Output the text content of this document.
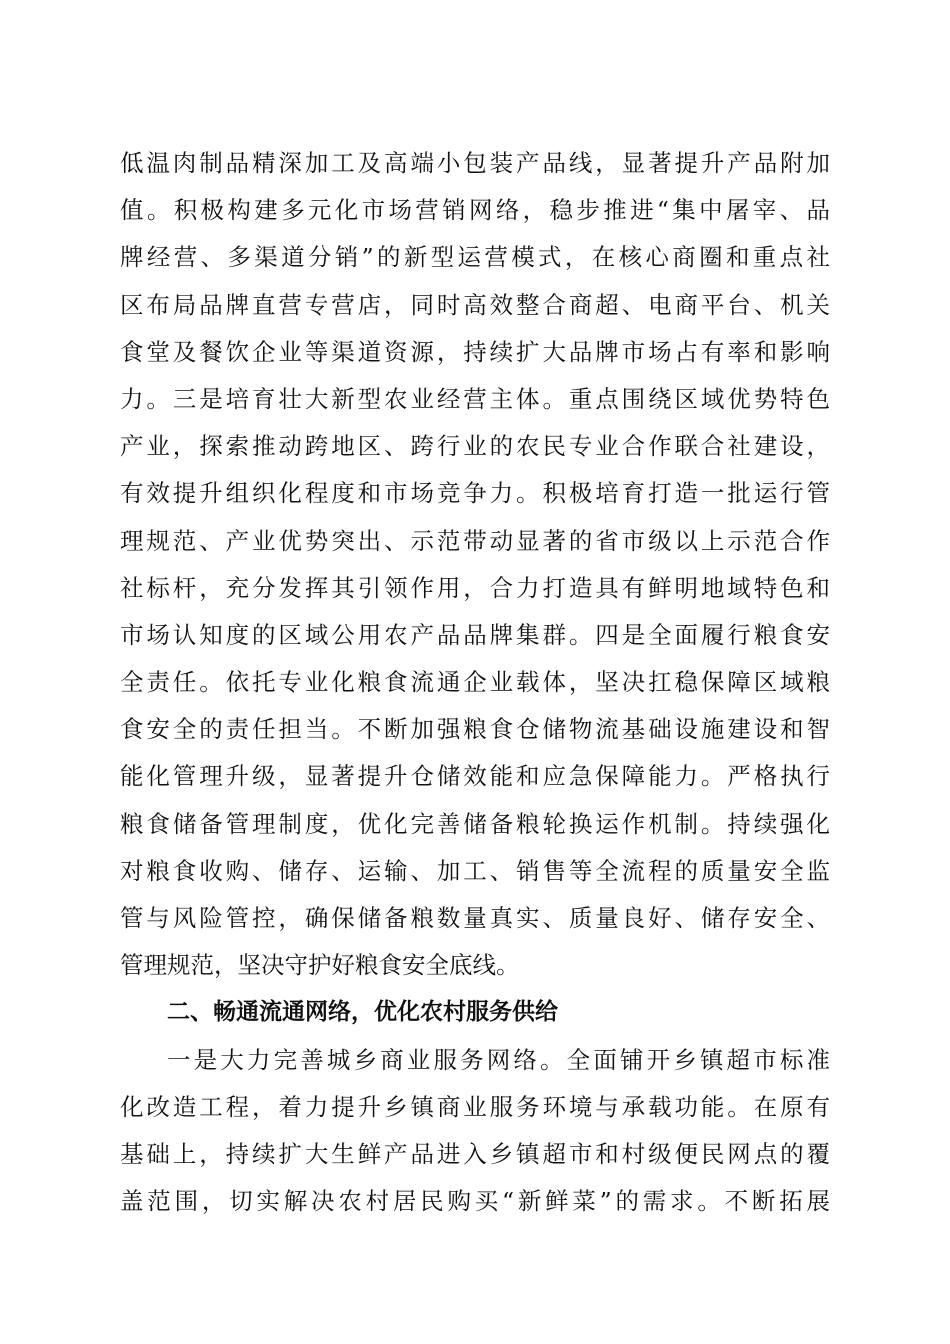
低温肉制品精深加工及高端小包装产品线，显著提升产品附加
值。积极构建多元化市场营销网络，稳步推进“集中屠宰、品
牌经营、多渠道分销”的新型运营模式，在核心商圈和重点社
区布局品牌直营专营店，同时高效整合商超、电商平台、机关
食堂及餐饮企业等渠道资源，持续扩大品牌市场占有率和影响
力。三是培育壮大新型农业经营主体。重点围绕区域优势特色
产业，探索推动跨地区、跨行业的农民专业合作联合社建设，
有效提升组织化程度和市场竞争力。积极培育打造一批运行管
理规范、产业优势突出、示范带动显著的省市级以上示范合作
社标杆，充分发挥其引领作用，合力打造具有鲜明地域特色和
市场认知度的区域公用农产品品牌集群。四是全面履行粮食安
全责任。依托专业化粮食流通企业载体，坚决扛稳保障区域粮
食安全的责任担当。不断加强粮食仓储物流基础设施建设和智
能化管理升级，显著提升仓储效能和应急保障能力。严格执行
粮食储备管理制度，优化完善储备粮轮换运作机制。持续强化
对粮食收购、储存、运输、加工、销售等全流程的质量安全监
管与风险管控，确保储备粮数量真实、质量良好、储存安全、
管理规范，坚决守护好粮食安全底线。
二、畅通流通网络，优化农村服务供给
一是大力完善城乡商业服务网络。全面铺开乡镇超市标准
化改造工程，着力提升乡镇商业服务环境与承载功能。在原有
基础上，持续扩大生鲜产品进入乡镇超市和村级便民网点的覆
盖范围，切实解决农村居民购买“新鲜菜”的需求。不断拓展
